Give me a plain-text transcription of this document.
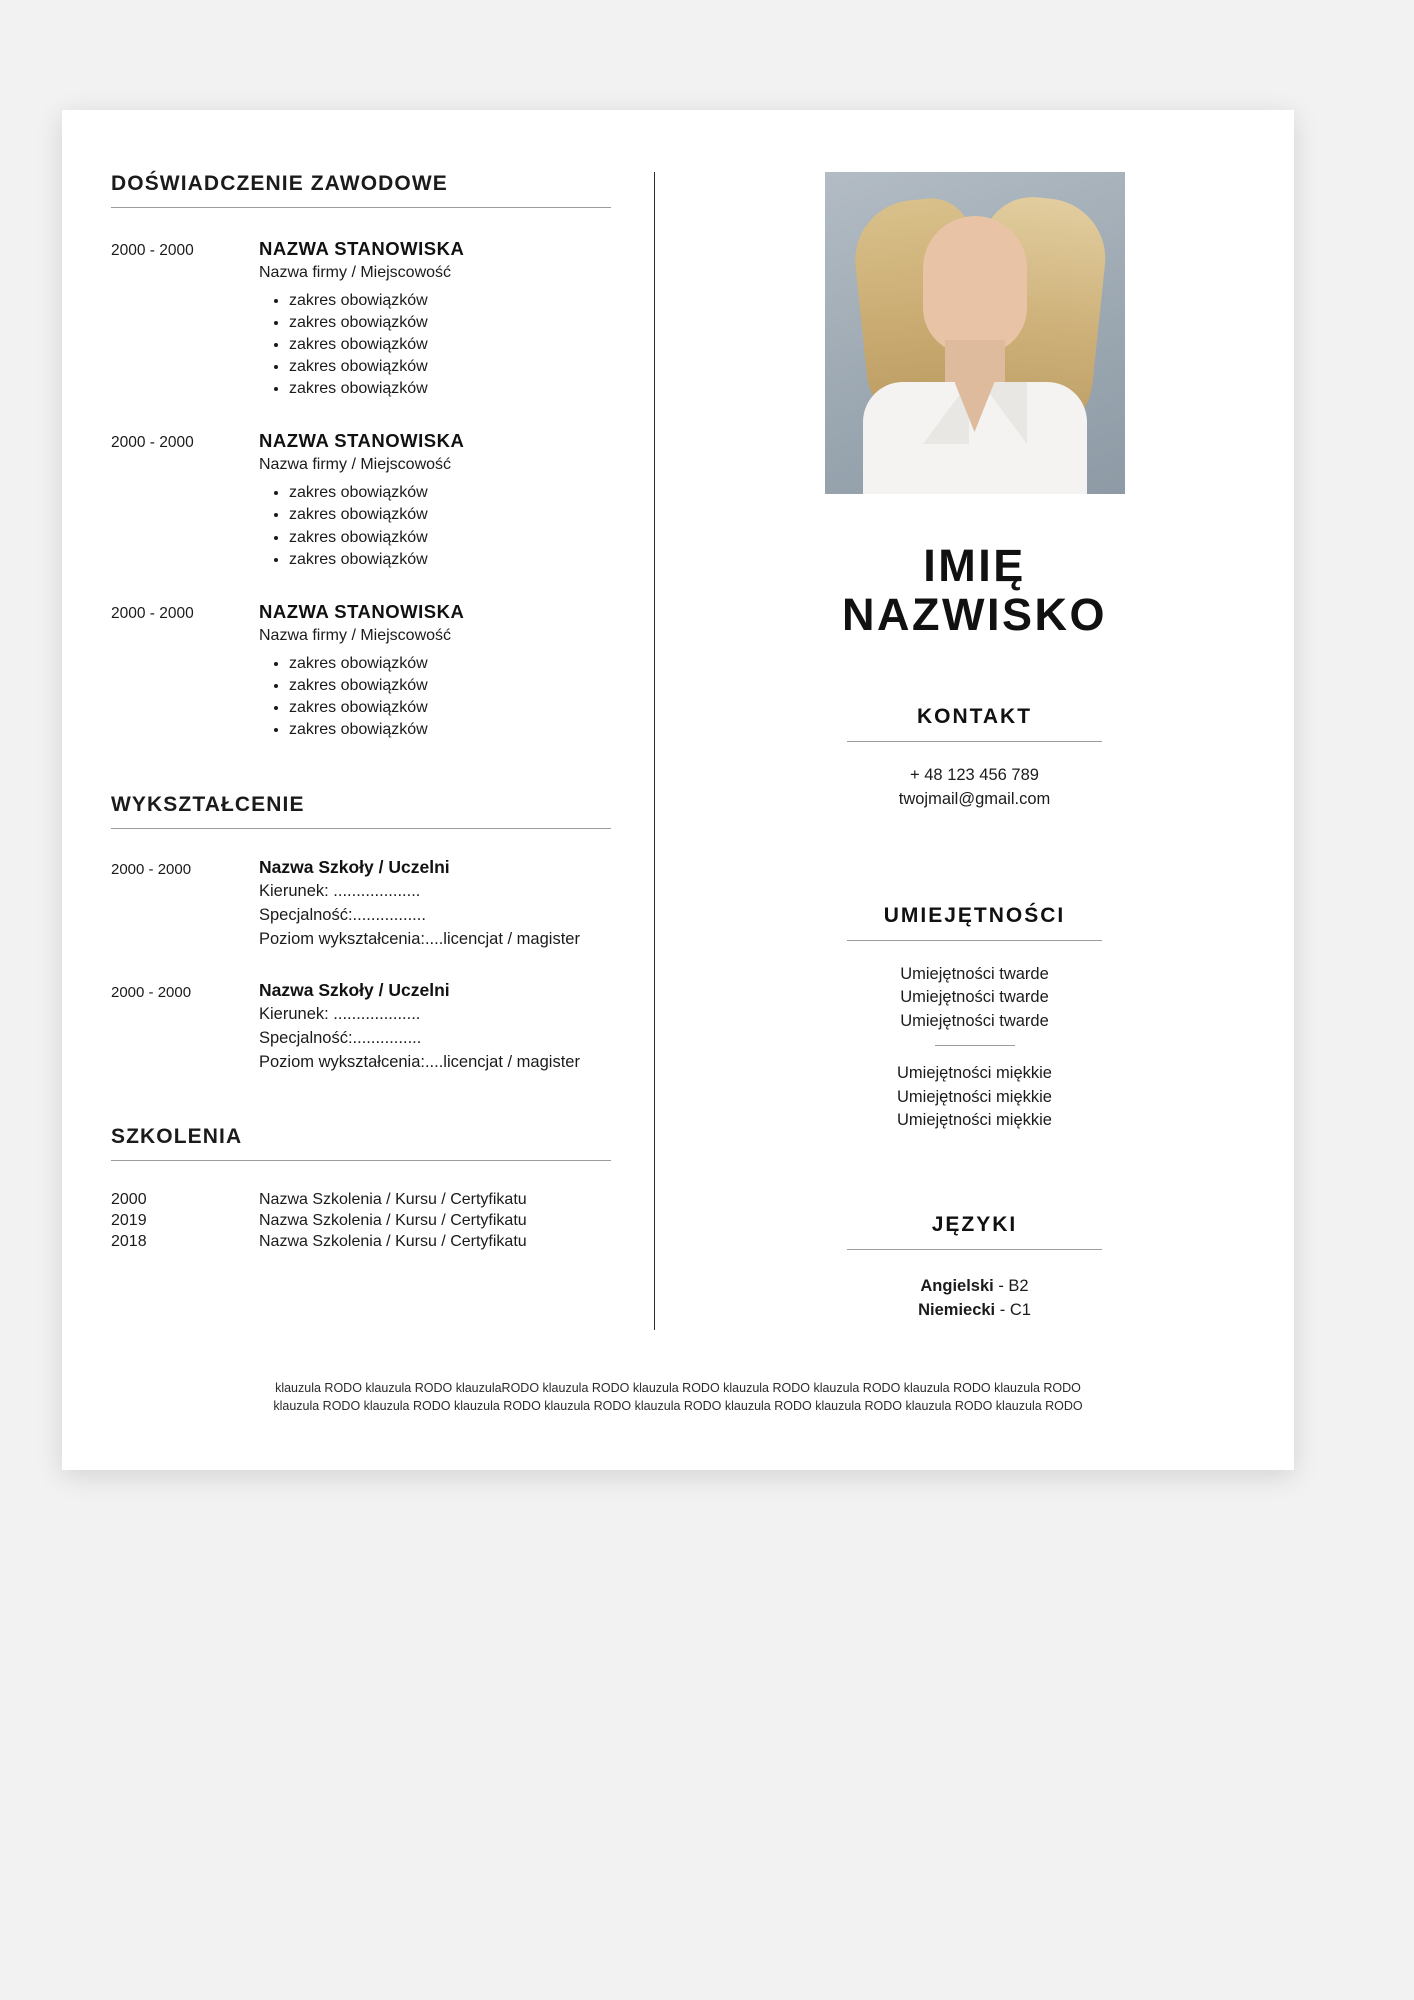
DOŚWIADCZENIE ZAWODOWE
2000 - 2000	NAZWA STANOWISKA

Nazwa firmy / Miejscowość

• zakres obowiązków
• zakres obowiązków
• zakres obowiązków
• zakres obowiązków
• zakres obowiązków
2000 - 2000	NAZWA STANOWISKA

Nazwa firmy / Miejscowość

• zakres obowiązków
• zakres obowiązków
• zakres obowiązków
• zakres obowiązków
2000 - 2000	NAZWA STANOWISKA

Nazwa firmy / Miejscowość

• zakres obowiązków
• zakres obowiązków
• zakres obowiązków
• zakres obowiązków
WYKSZTAŁCENIE
2000 - 2000	Nazwa Szkoły / Uczelni

Kierunek: ...................
Specjalność:................
Poziom wykształcenia:....licencjat / magister
2000 - 2000	Nazwa Szkoły / Uczelni

Kierunek: ...................
Specjalność:...............
Poziom wykształcenia:....licencjat / magister
SZKOLENIA
2000	Nazwa Szkolenia / Kursu / Certyfikatu
2019	Nazwa Szkolenia / Kursu / Certyfikatu
2018	Nazwa Szkolenia / Kursu / Certyfikatu
IMIĘ
NAZWISKO
KONTAKT
+ 48 123 456 789
twojmail@gmail.com
UMIEJĘTNOŚCI
Umiejętności twarde
Umiejętności twarde
Umiejętności twarde
Umiejętności miękkie
Umiejętności miękkie
Umiejętności miękkie
JĘZYKI
Angielski - B2
Niemiecki - C1
klauzula RODO klauzula RODO klauzulaRODO klauzula RODO klauzula RODO klauzula RODO klauzula RODO klauzula RODO klauzula RODO
klauzula RODO klauzula RODO klauzula RODO klauzula RODO klauzula RODO klauzula RODO klauzula RODO klauzula RODO klauzula RODO
